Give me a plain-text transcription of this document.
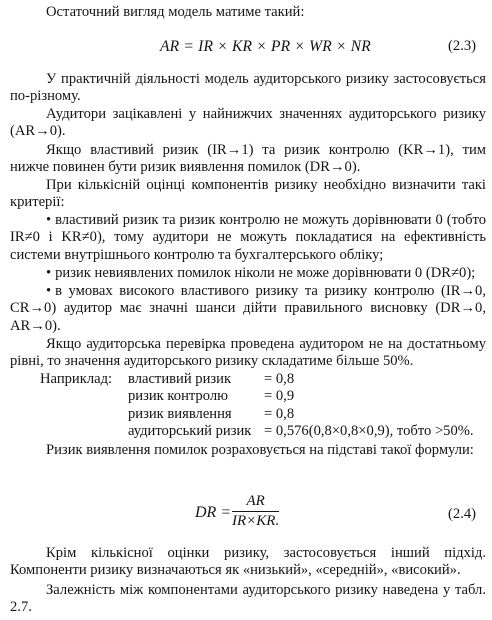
Остаточний вигляд модель матиме такий:

AR = IR × KR × PR × WR × NR	(2.3)

У практичній діяльності модель аудиторського ризику застосовується по-різному.

Аудитори зацікавлені у найнижчих значеннях аудиторського ризику (AR→0).

Якщо властивий ризик (IR→1) та ризик контролю (KR→1), тим нижче повинен бути ризик виявлення помилок (DR→0).

При кількісній оцінці компонентів ризику необхідно визначити такі критерії:

• властивий ризик та ризик контролю не можуть дорівнювати 0 (тобто IR≠0 і KR≠0), тому аудитори не можуть покладатися на ефективність системи внутрішнього контролю та бухгалтерського обліку;

• ризик невиявлених помилок ніколи не може дорівнювати 0 (DR≠0);

• в умовах високого властивого ризику та ризику контролю (IR→0, CR→0) аудитор має значні шанси дійти правильного висновку (DR→0, AR→0).

Якщо аудиторська перевірка проведена аудитором не на достатньому рівні, то значення аудиторського ризику складатиме більше 50%.

Наприклад: властивий ризик = 0,8
ризик контролю = 0,9
ризик виявлення = 0,8
аудиторський ризик = 0,576(0,8×0,8×0,9), тобто >50%.

Ризик виявлення помилок розраховується на підставі такої формули:

DR = $\frac{AR}{IR\times KR.}$	(2.4)

Крім кількісної оцінки ризику, застосовується інший підхід. Компоненти ризику визначаються як «низький», «середній», «високий».

Залежність між компонентами аудиторського ризику наведена у табл. 2.7.
